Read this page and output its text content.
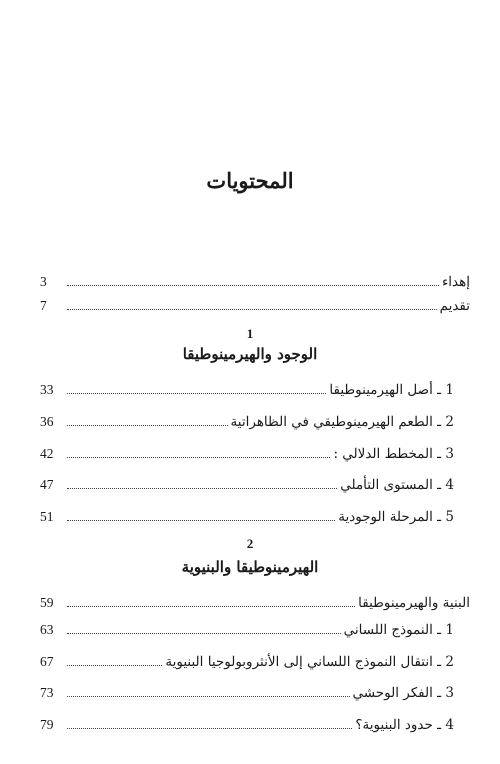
المحتويات
إهداء
3
تقديم
7
1
الوجود والهيرمينوطيقا
1 ـ أصل الهيرمينوطيقا
33
2 ـ الطعم الهيرمينوطيقي في الظاهراتية
36
3 ـ المخطط الدلالي :
42
4 ـ المستوى التأملي
47
5 ـ المرحلة الوجودية
51
2
الهيرمينوطيقا والبنيوية
البنية والهيرمينوطيقا
59
1 ـ النموذج اللساني
63
2 ـ انتقال النموذج اللساني إلى الأنثروبولوجيا البنيوية
67
3 ـ الفكر الوحشي
73
4 ـ حدود البنيوية؟
79
